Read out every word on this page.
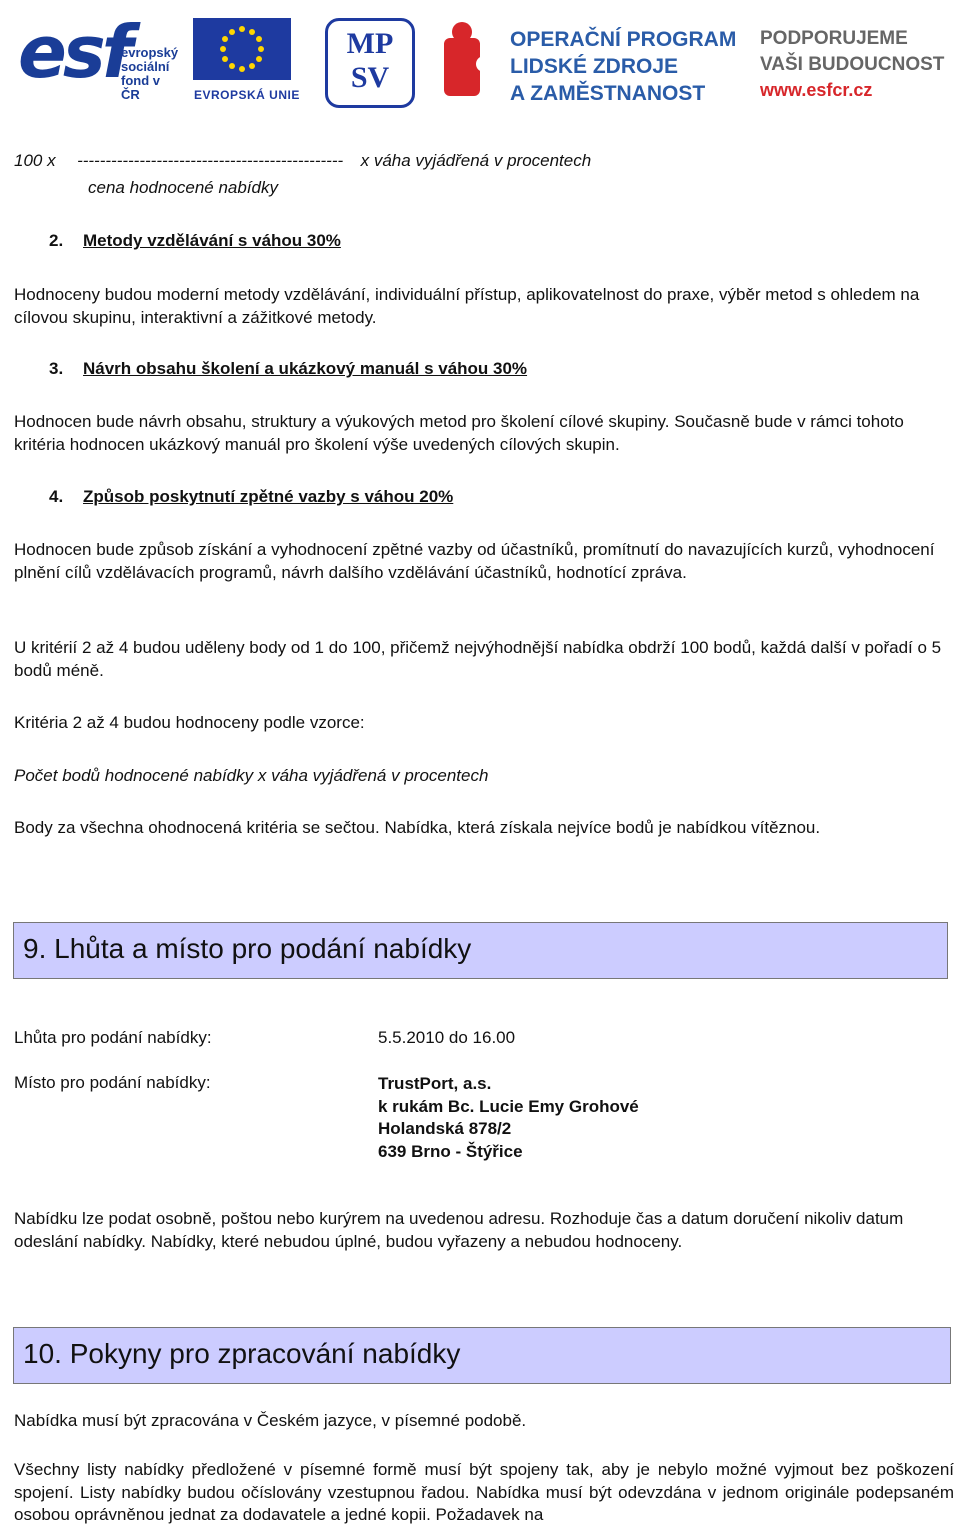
esf
evropský
sociální
fond v ČR	EVROPSKÁ UNIE
MP
SV
OPERAČNÍ PROGRAM
LIDSKÉ ZDROJE
A ZAMĚSTNANOST
PODPORUJEME
VAŠI BUDOUCNOST
www.esfcr.cz
100 x ----------------------------------------------- x váha vyjádřená v procentech
cena hodnocené nabídky
2. Metody vzdělávání s váhou 30%
Hodnoceny budou moderní metody vzdělávání, individuální přístup, aplikovatelnost do praxe, výběr metod s ohledem na cílovou skupinu, interaktivní a zážitkové metody.
3. Návrh obsahu školení a ukázkový manuál s váhou 30%
Hodnocen bude návrh obsahu, struktury a výukových metod pro školení cílové skupiny. Současně bude v rámci tohoto kritéria hodnocen ukázkový manuál pro školení výše uvedených cílových skupin.
4. Způsob poskytnutí zpětné vazby s váhou 20%
Hodnocen bude způsob získání a vyhodnocení zpětné vazby od účastníků, promítnutí do navazujících kurzů, vyhodnocení plnění cílů vzdělávacích programů, návrh dalšího vzdělávání účastníků, hodnotící zpráva.
U kritérií 2 až 4 budou uděleny body od 1 do 100, přičemž nejvýhodnější nabídka obdrží 100 bodů, každá další v pořadí o 5 bodů méně.
Kritéria 2 až 4 budou hodnoceny podle vzorce:
Počet bodů hodnocené nabídky x váha vyjádřená v procentech
Body za všechna ohodnocená kritéria se sečtou. Nabídka, která získala nejvíce bodů je nabídkou vítěznou.
9. Lhůta a místo pro podání nabídky
Lhůta pro podání nabídky:	5.5.2010 do 16.00
Místo pro podání nabídky:	TrustPort, a.s.
k rukám Bc. Lucie Emy Grohové
Holandská 878/2
639 Brno - Štýřice
Nabídku lze podat osobně, poštou nebo kurýrem na uvedenou adresu. Rozhoduje čas a datum doručení nikoliv datum odeslání nabídky. Nabídky, které nebudou úplné, budou vyřazeny a nebudou hodnoceny.
10. Pokyny pro zpracování nabídky
Nabídka musí být zpracována v Českém jazyce, v písemné podobě.
Všechny listy nabídky předložené v písemné formě musí být spojeny tak, aby je nebylo možné vyjmout bez poškození spojení. Listy nabídky budou očíslovány vzestupnou řadou. Nabídka musí být odevzdána v jednom originále podepsaném osobou oprávněnou jednat za dodavatele a jedné kopii. Požadavek na
